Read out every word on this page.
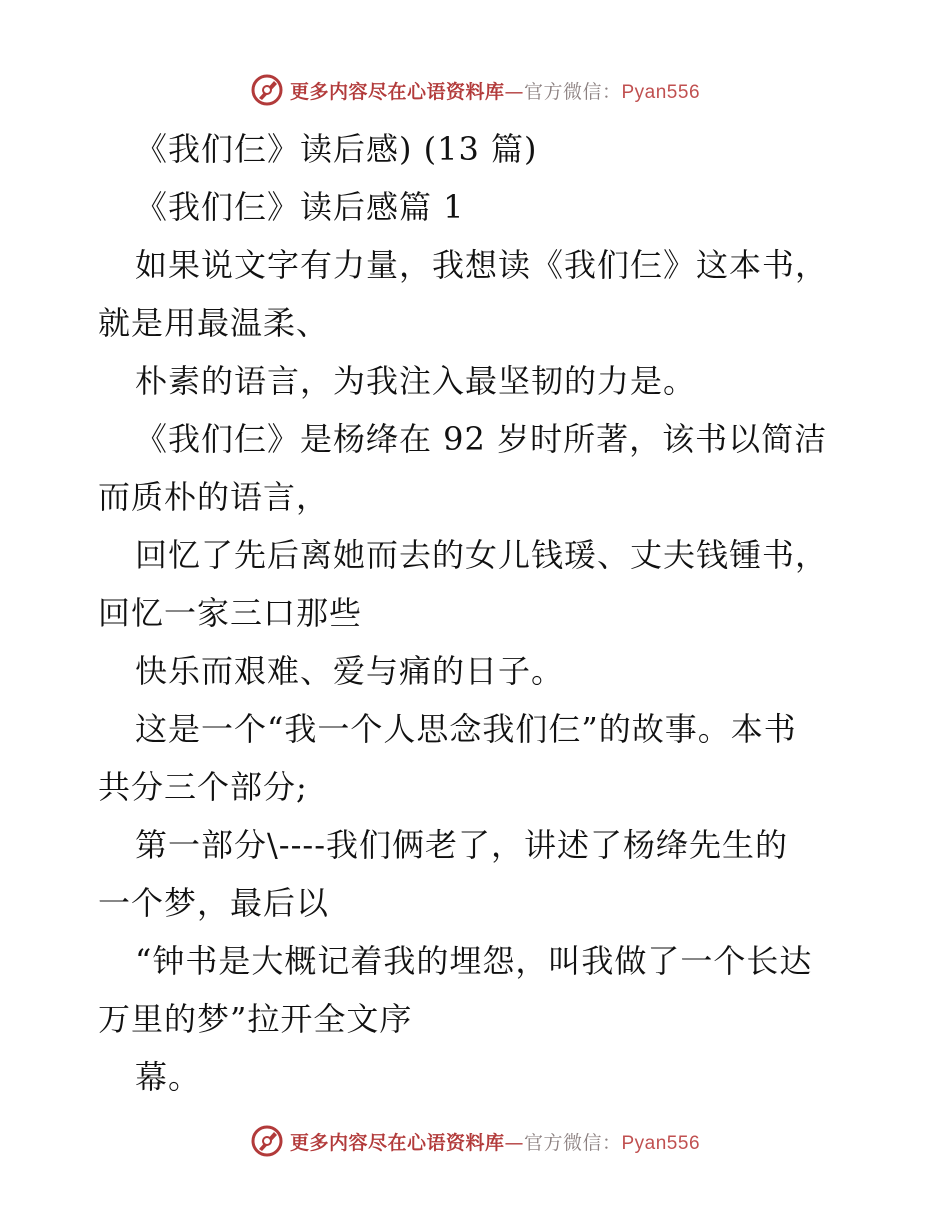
更多内容尽在心语资料库—官方微信：Pyan556
《我们仨》读后感) (13 篇)
《我们仨》读后感篇 1
如果说文字有力量，我想读《我们仨》这本书，
就是用最温柔、
朴素的语言，为我注入最坚韧的力是。
《我们仨》是杨绛在 92 岁时所著，该书以简洁
而质朴的语言，
回忆了先后离她而去的女儿钱瑗、丈夫钱锺书，
回忆一家三口那些
快乐而艰难、爱与痛的日子。
这是一个“我一个人思念我们仨”的故事。本书
共分三个部分;
第一部分\----我们俩老了，讲述了杨绛先生的
一个梦，最后以
“钟书是大概记着我的埋怨，叫我做了一个长达
万里的梦”拉开全文序
幕。
更多内容尽在心语资料库—官方微信：Pyan556
